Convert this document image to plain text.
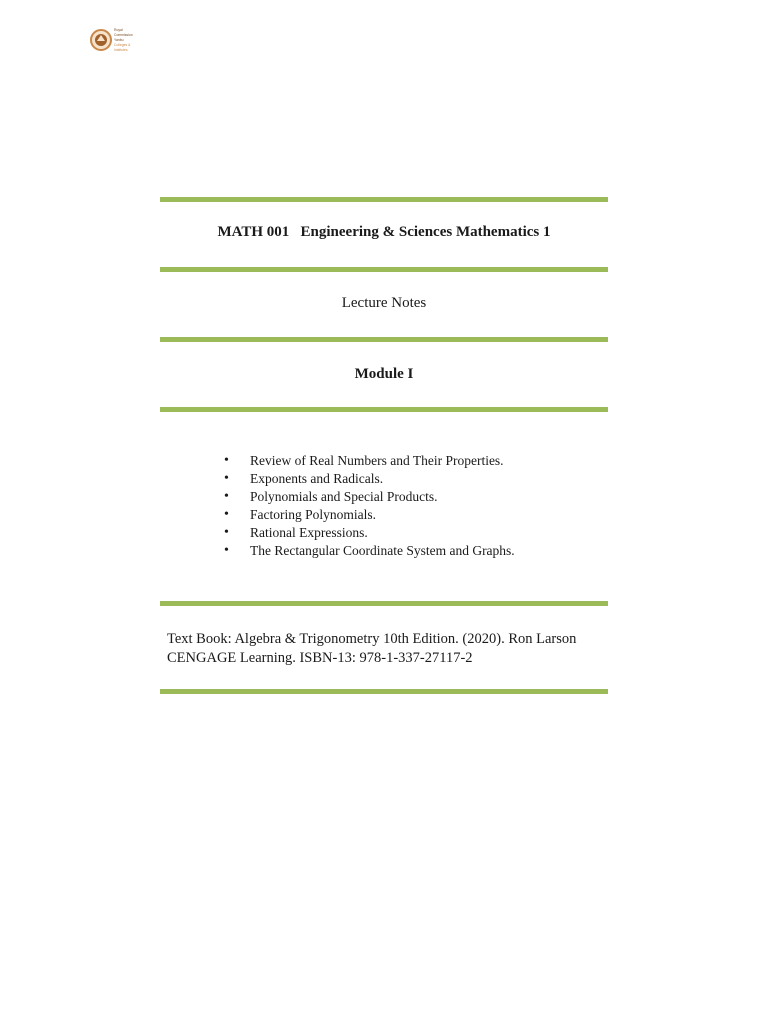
Royal
Commission
Yanbu
Colleges &
Institutes
MATH 001   Engineering & Sciences Mathematics 1
Lecture Notes
Module I
• Review of Real Numbers and Their Properties.
• Exponents and Radicals.
• Polynomials and Special Products.
• Factoring Polynomials.
• Rational Expressions.
• The Rectangular Coordinate System and Graphs.
Text Book: Algebra & Trigonometry 10th Edition. (2020). Ron Larson
CENGAGE Learning. ISBN-13: 978-1-337-27117-2
